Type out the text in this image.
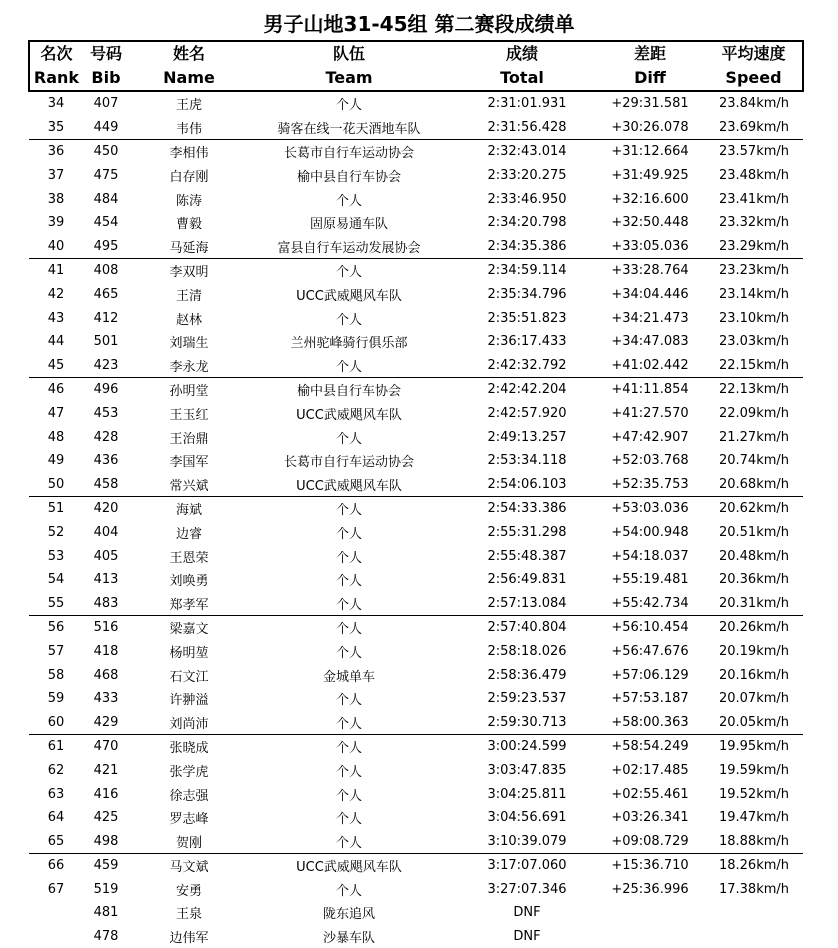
男子山地31-45组 第二赛段成绩单
名次	号码	姓名	队伍	成绩	差距	平均速度
Rank	Bib	Name	Team	Total	Diff	Speed
34	407	王虎	个人	2:31:01.931	+29:31.581	23.84km/h
35	449	韦伟	骑客在线一花天酒地车队	2:31:56.428	+30:26.078	23.69km/h
36	450	李相伟	长葛市自行车运动协会	2:32:43.014	+31:12.664	23.57km/h
37	475	白存刚	榆中县自行车协会	2:33:20.275	+31:49.925	23.48km/h
38	484	陈涛	个人	2:33:46.950	+32:16.600	23.41km/h
39	454	曹毅	固原易通车队	2:34:20.798	+32:50.448	23.32km/h
40	495	马延海	富县自行车运动发展协会	2:34:35.386	+33:05.036	23.29km/h
41	408	李双明	个人	2:34:59.114	+33:28.764	23.23km/h
42	465	王清	UCC武威飓风车队	2:35:34.796	+34:04.446	23.14km/h
43	412	赵林	个人	2:35:51.823	+34:21.473	23.10km/h
44	501	刘瑞生	兰州驼峰骑行俱乐部	2:36:17.433	+34:47.083	23.03km/h
45	423	李永龙	个人	2:42:32.792	+41:02.442	22.15km/h
46	496	孙明堂	榆中县自行车协会	2:42:42.204	+41:11.854	22.13km/h
47	453	王玉红	UCC武威飓风车队	2:42:57.920	+41:27.570	22.09km/h
48	428	王治鼎	个人	2:49:13.257	+47:42.907	21.27km/h
49	436	李国军	长葛市自行车运动协会	2:53:34.118	+52:03.768	20.74km/h
50	458	常兴斌	UCC武威飓风车队	2:54:06.103	+52:35.753	20.68km/h
51	420	海斌	个人	2:54:33.386	+53:03.036	20.62km/h
52	404	边睿	个人	2:55:31.298	+54:00.948	20.51km/h
53	405	王恩荣	个人	2:55:48.387	+54:18.037	20.48km/h
54	413	刘唤勇	个人	2:56:49.831	+55:19.481	20.36km/h
55	483	郑孝军	个人	2:57:13.084	+55:42.734	20.31km/h
56	516	梁嘉文	个人	2:57:40.804	+56:10.454	20.26km/h
57	418	杨明堃	个人	2:58:18.026	+56:47.676	20.19km/h
58	468	石文江	金城单车	2:58:36.479	+57:06.129	20.16km/h
59	433	许翀溢	个人	2:59:23.537	+57:53.187	20.07km/h
60	429	刘尚沛	个人	2:59:30.713	+58:00.363	20.05km/h
61	470	张晓成	个人	3:00:24.599	+58:54.249	19.95km/h
62	421	张学虎	个人	3:03:47.835	+02:17.485	19.59km/h
63	416	徐志强	个人	3:04:25.811	+02:55.461	19.52km/h
64	425	罗志峰	个人	3:04:56.691	+03:26.341	19.47km/h
65	498	贺刚	个人	3:10:39.079	+09:08.729	18.88km/h
66	459	马文斌	UCC武威飓风车队	3:17:07.060	+15:36.710	18.26km/h
67	519	安勇	个人	3:27:07.346	+25:36.996	17.38km/h
	481	王泉	陇东追风	DNF		
	478	边伟军	沙暴车队	DNF		
